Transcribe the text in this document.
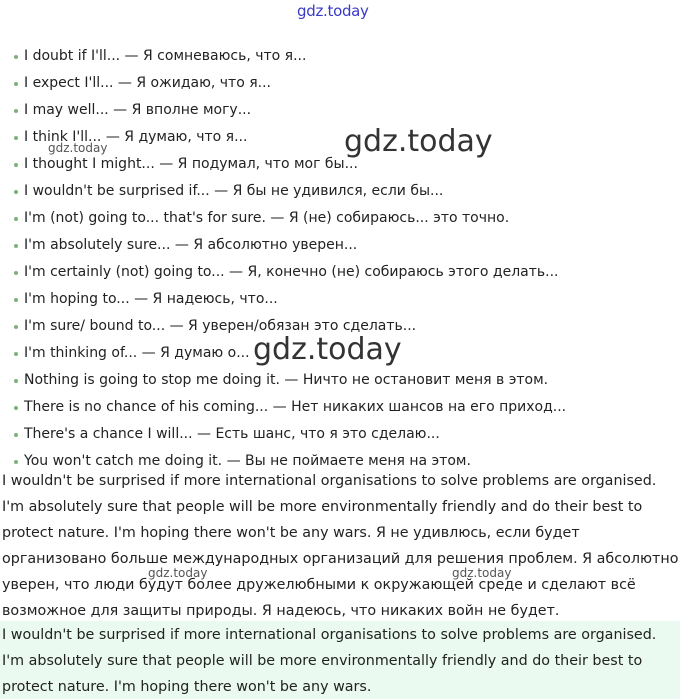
gdz.today

I doubt if I'll... — Я сомневаюсь, что я...
I expect I'll... — Я ожидаю, что я...
I may well... — Я вполне могу...
I think I'll... — Я думаю, что я...
I thought I might... — Я подумал, что мог бы...
I wouldn't be surprised if... — Я бы не удивился, если бы...
I'm (not) going to... that's for sure. — Я (не) собираюсь... это точно.
I'm absolutely sure... — Я абсолютно уверен...
I'm certainly (not) going to... — Я, конечно (не) собираюсь этого делать...
I'm hoping to... — Я надеюсь, что...
I'm sure/ bound to... — Я уверен/обязан это сделать...
I'm thinking of... — Я думаю о...
Nothing is going to stop me doing it. — Ничто не остановит меня в этом.
There is no chance of his coming... — Нет никаких шансов на его приход...
There's a chance I will... — Есть шанс, что я это сделаю...
You won't catch me doing it. — Вы не поймаете меня на этом.
gdz.today
gdz.today
gdz.today
I wouldn't be surprised if more international organisations to solve problems are organised. I'm absolutely sure that people will be more environmentally friendly and do their best to protect nature. I'm hoping there won't be any wars. Я не удивлюсь, если будет организовано больше международных организаций для решения проблем. Я абсолютно уверен, что люди будут более дружелюбными к окружающей среде и сделают всё возможное для защиты природы. Я надеюсь, что никаких войн не будет.
gdz.today	gdz.today
I wouldn't be surprised if more international organisations to solve problems are organised. I'm absolutely sure that people will be more environmentally friendly and do their best to protect nature. I'm hoping there won't be any wars.
